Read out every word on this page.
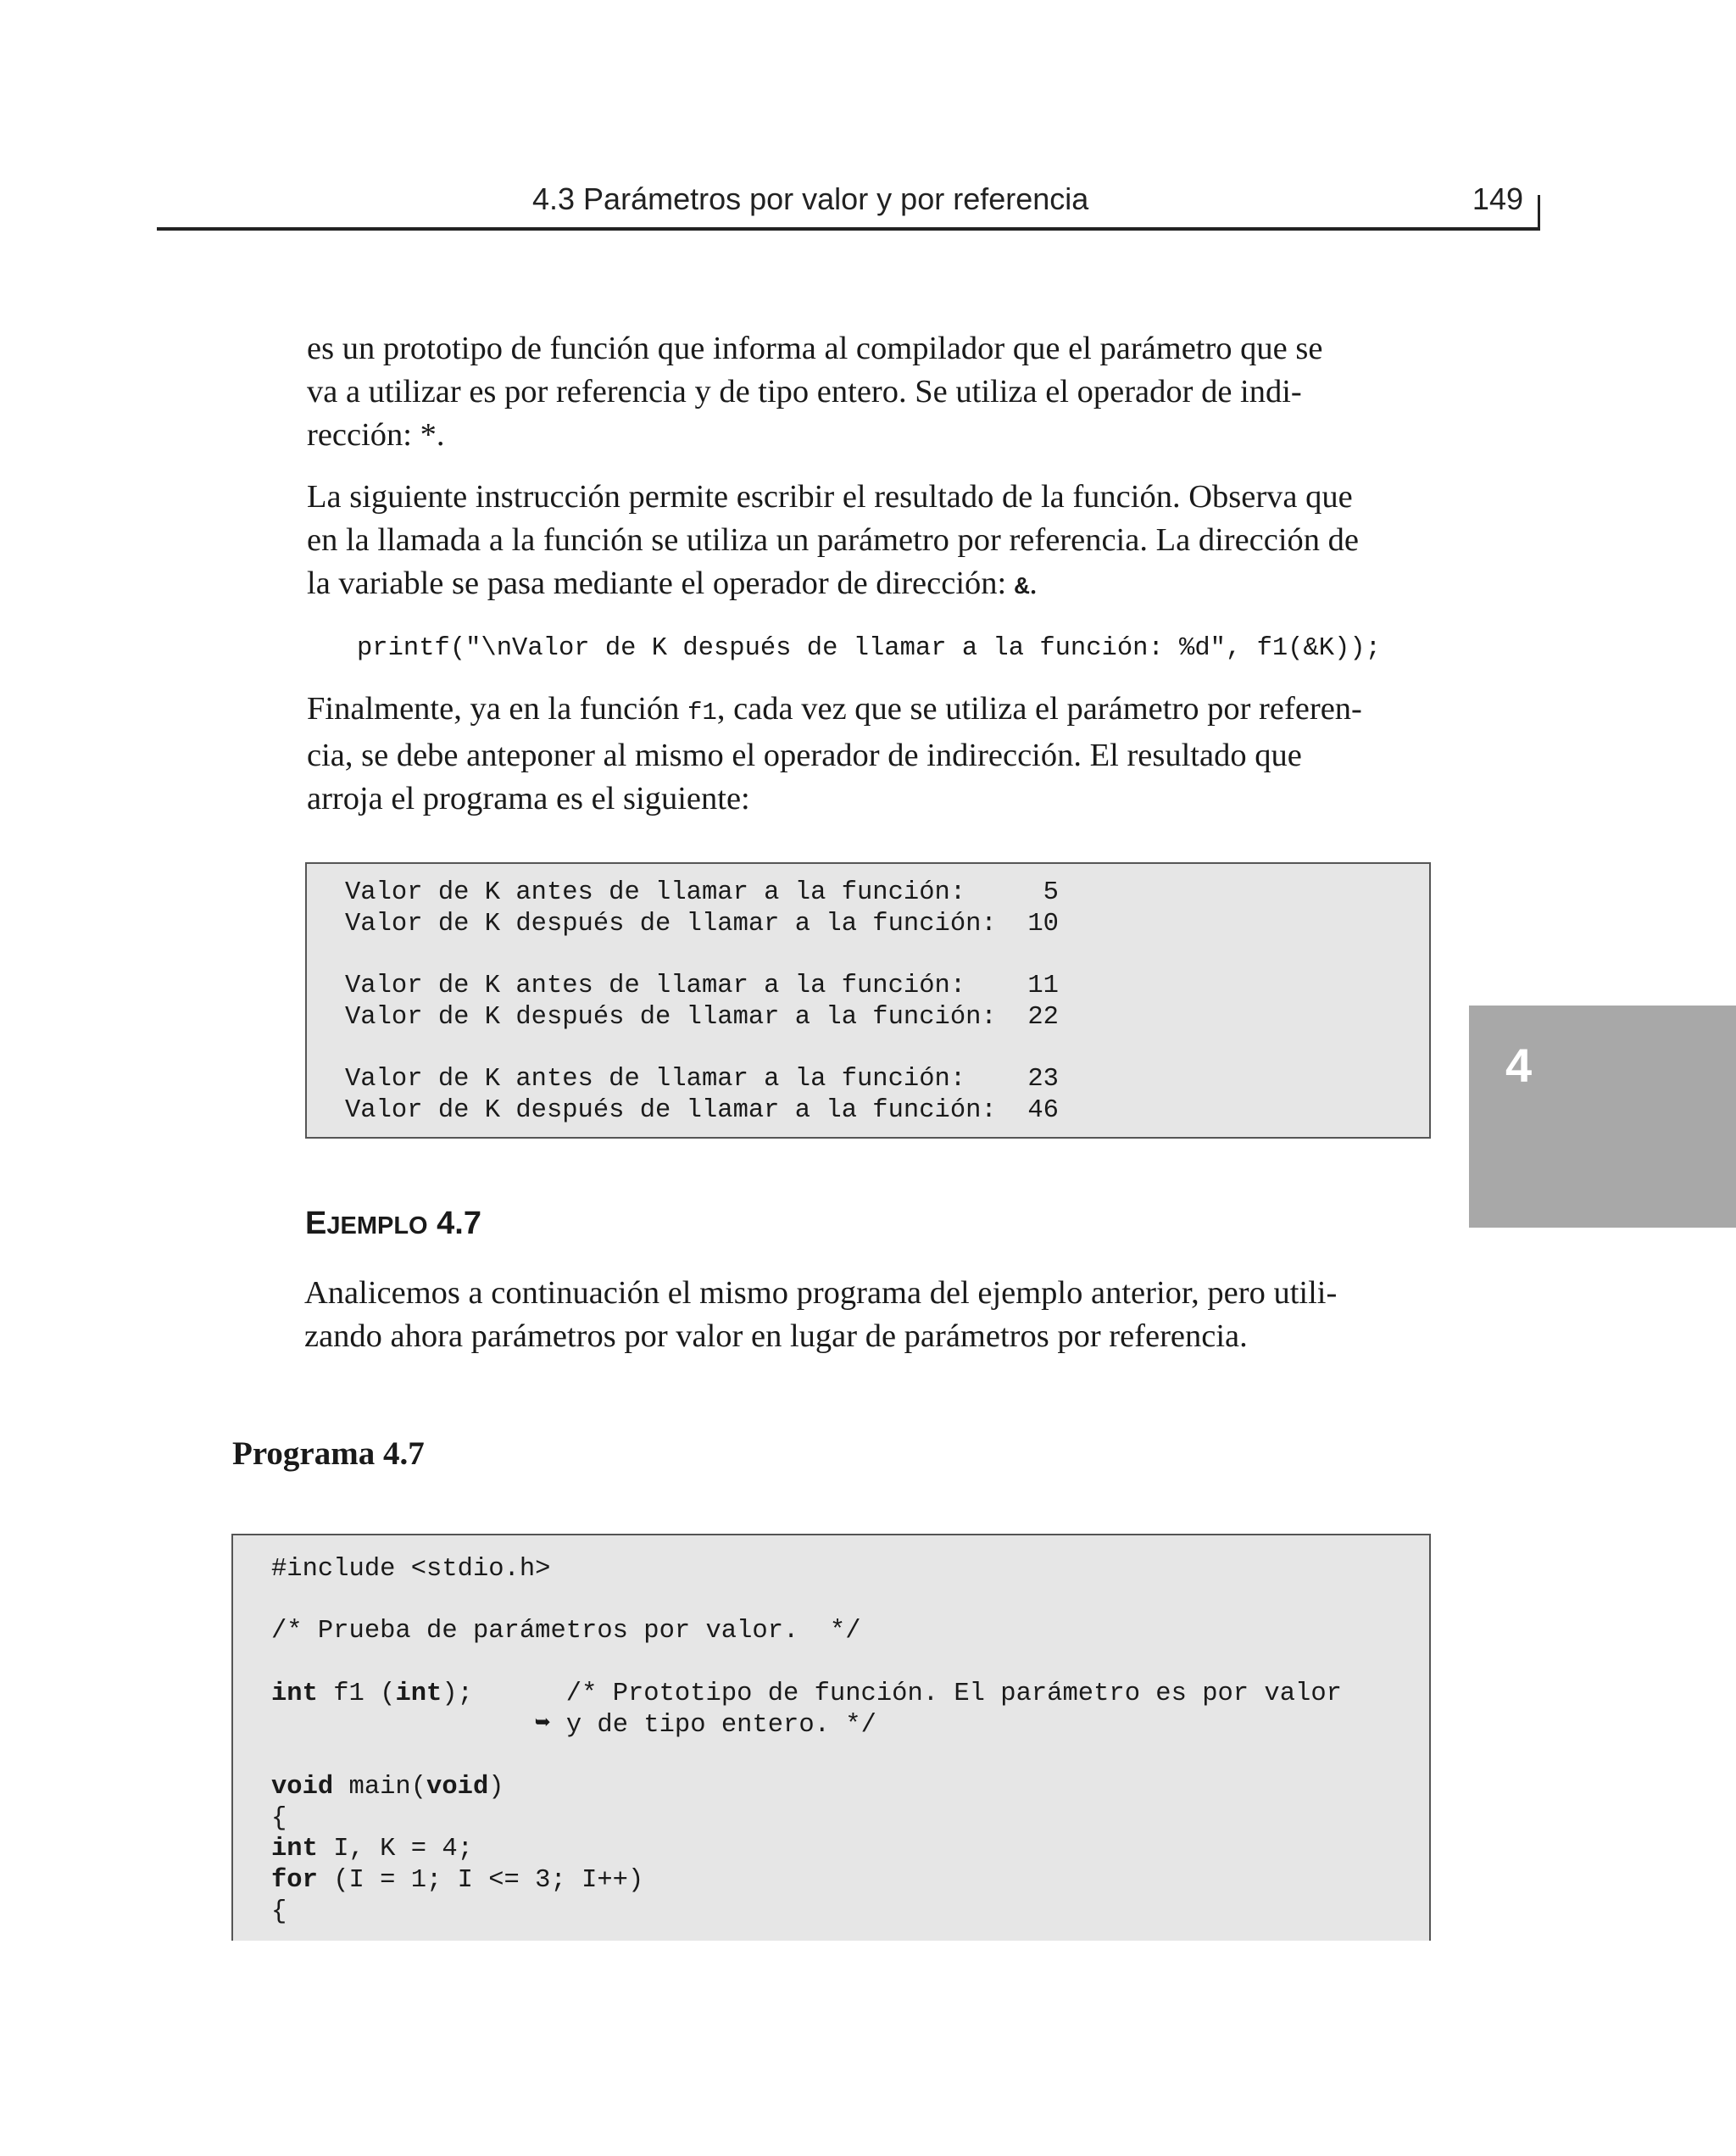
4.3 Parámetros por valor y por referencia	149
4

es un prototipo de función que informa al compilador que el parámetro que se
va a utilizar es por referencia y de tipo entero. Se utiliza el operador de indi-
rección: *.

La siguiente instrucción permite escribir el resultado de la función. Observa que
en la llamada a la función se utiliza un parámetro por referencia. La dirección de
la variable se pasa mediante el operador de dirección: &.

printf("\nValor de K después de llamar a la función: %d", f1(&K));

Finalmente, ya en la función f1, cada vez que se utiliza el parámetro por referen-
cia, se debe anteponer al mismo el operador de indirección. El resultado que
arroja el programa es el siguiente:

Valor de K antes de llamar a la función:     5
Valor de K después de llamar a la función:  10

Valor de K antes de llamar a la función:    11
Valor de K después de llamar a la función:  22

Valor de K antes de llamar a la función:    23
Valor de K después de llamar a la función:  46
EJEMPLO 4.7

Analicemos a continuación el mismo programa del ejemplo anterior, pero utili-
zando ahora parámetros por valor en lugar de parámetros por referencia.

Programa 4.7
#include <stdio.h>

/* Prueba de parámetros por valor.  */

int f1 (int);      /* Prototipo de función. El parámetro es por valor
➥ y de tipo entero. */

void main(void)
{
int I, K = 4;
for (I = 1; I <= 3; I++)
{
